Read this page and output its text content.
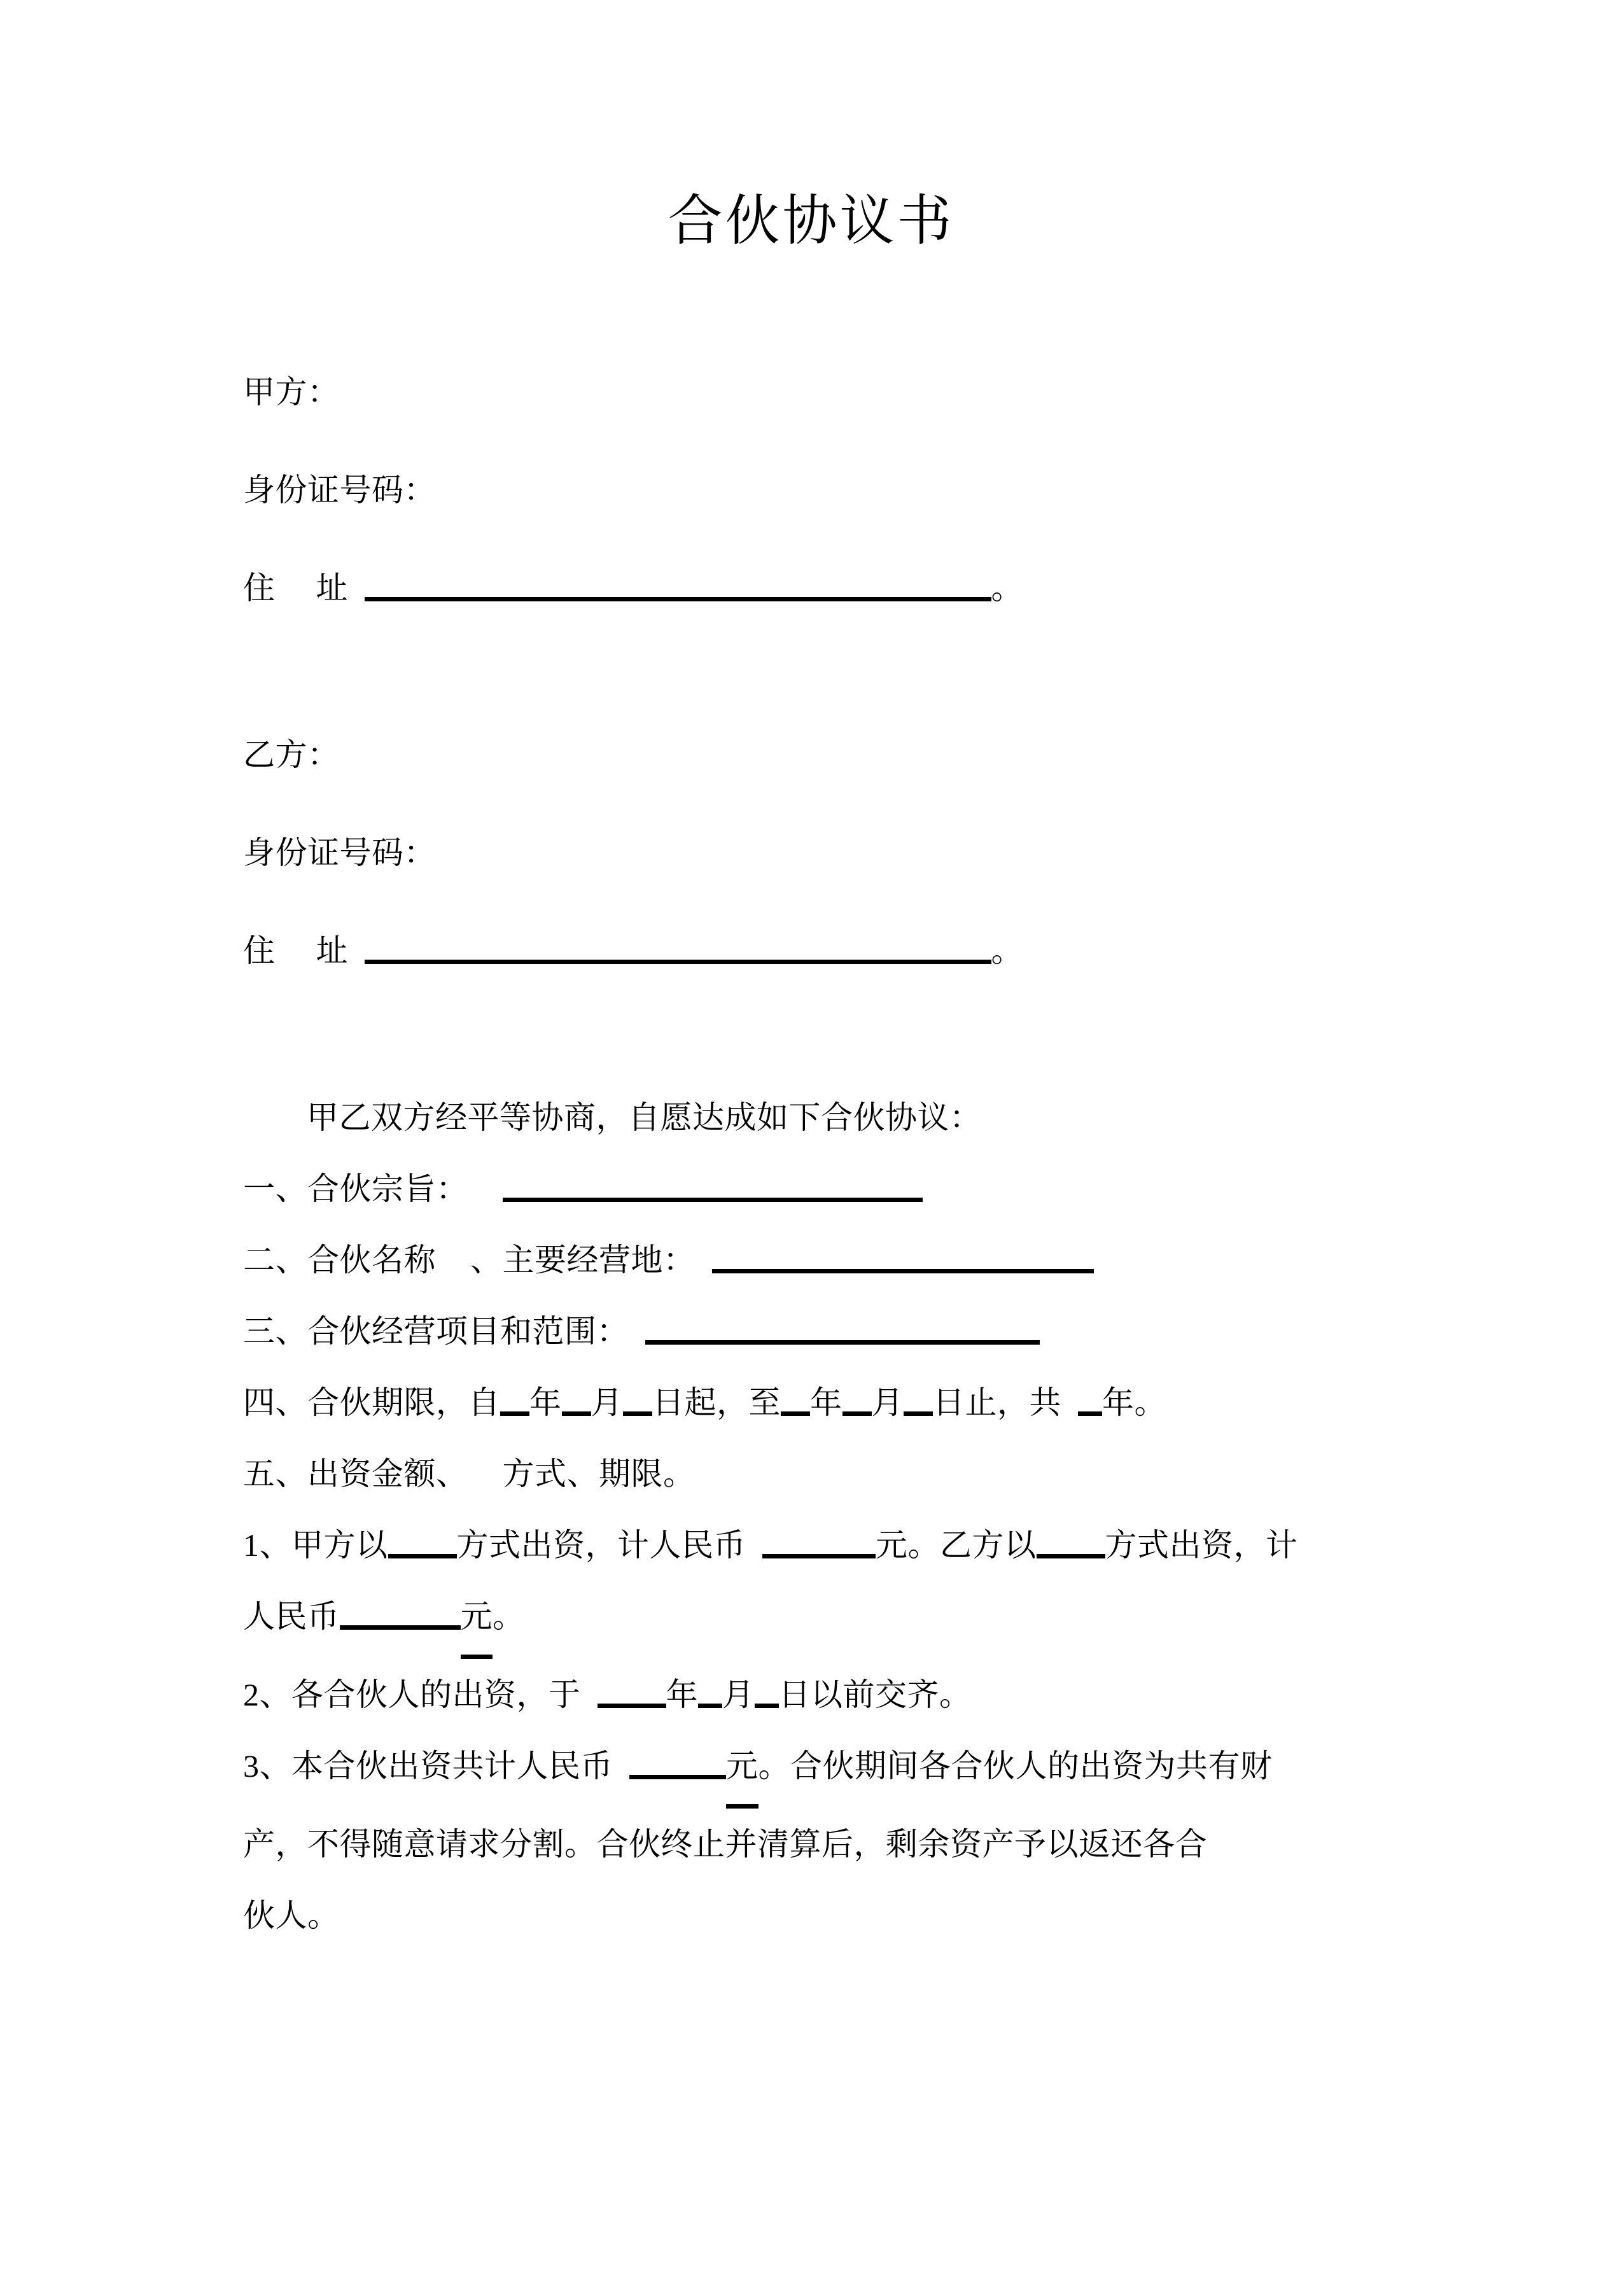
合伙协议书
甲方：
身份证号码：
住 址	。
乙方：
身份证号码：
住 址	。
甲乙双方经平等协商，自愿达成如下合伙协议：
一、合伙宗旨：
二、合伙名称 、主要经营地：
三、合伙经营项目和范围：
四、合伙期限，自 年 月 日起，至 年 月 日止，共 年。
五、出资金额、 方式、期限。
1、甲方以 方式出资，计人民币	元。乙方以 方式出资，计
人民币	元。
2、各合伙人的出资，于	年 月 日以前交齐。
3、本合伙出资共计人民币	元。合伙期间各合伙人的出资为共有财
产，不得随意请求分割。合伙终止并清算后，剩余资产予以返还各合
伙人。
